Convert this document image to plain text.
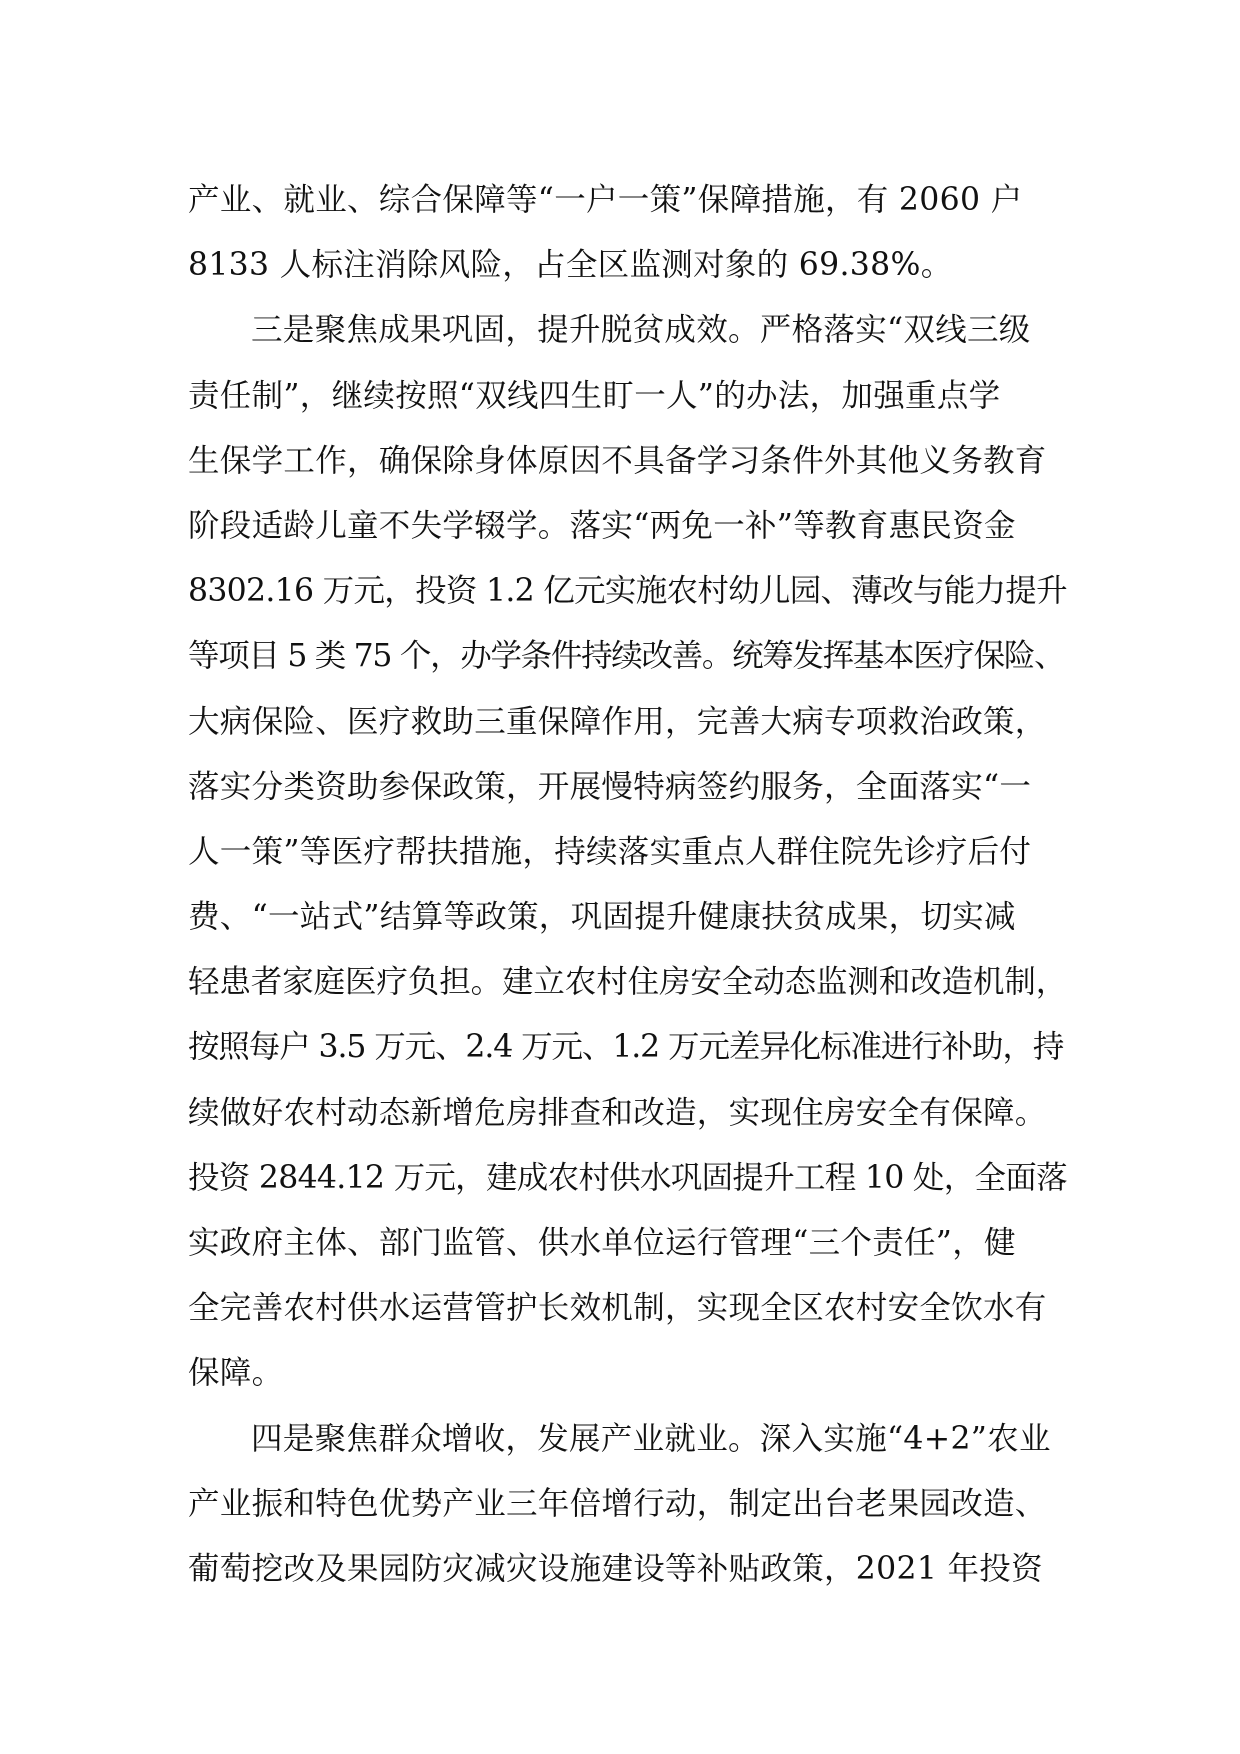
产业、就业、综合保障等“一户一策”保障措施，有 2060 户
8133 人标注消除风险，占全区监测对象的 69.38%。
三是聚焦成果巩固，提升脱贫成效。严格落实“双线三级
责任制”，继续按照“双线四生盯一人”的办法，加强重点学
生保学工作，确保除身体原因不具备学习条件外其他义务教育
阶段适龄儿童不失学辍学。落实“两免一补”等教育惠民资金
8302.16 万元，投资 1.2 亿元实施农村幼儿园、薄改与能力提升
等项目 5 类 75 个，办学条件持续改善。统筹发挥基本医疗保险、
大病保险、医疗救助三重保障作用，完善大病专项救治政策，
落实分类资助参保政策，开展慢特病签约服务，全面落实“一
人一策”等医疗帮扶措施，持续落实重点人群住院先诊疗后付
费、“一站式”结算等政策，巩固提升健康扶贫成果，切实减
轻患者家庭医疗负担。建立农村住房安全动态监测和改造机制，
按照每户 3.5 万元、2.4 万元、1.2 万元差异化标准进行补助，持
续做好农村动态新增危房排查和改造，实现住房安全有保障。
投资 2844.12 万元，建成农村供水巩固提升工程 10 处，全面落
实政府主体、部门监管、供水单位运行管理“三个责任”，健
全完善农村供水运营管护长效机制，实现全区农村安全饮水有
保障。
四是聚焦群众增收，发展产业就业。深入实施“4+2”农业
产业振和特色优势产业三年倍增行动，制定出台老果园改造、
葡萄挖改及果园防灾减灾设施建设等补贴政策，2021 年投资
